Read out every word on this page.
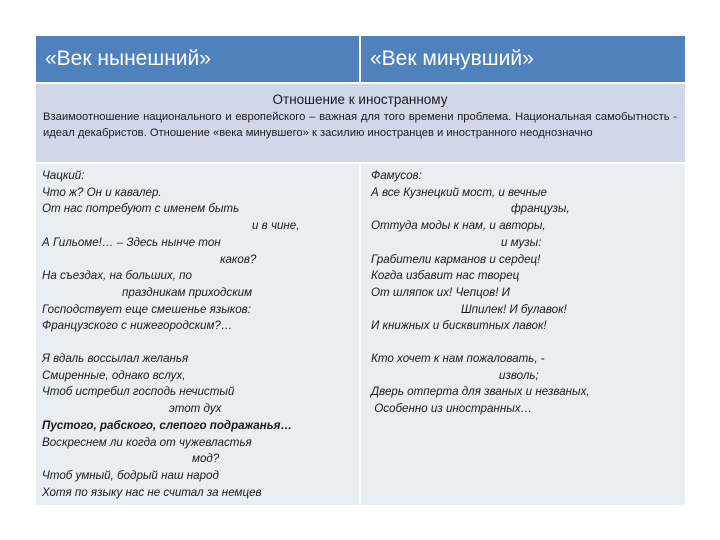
«Век нынешний»	«Век минувший»
Отношение к иностранному
Взаимоотношение национального и европейского – важная для того времени проблема. Национальная самобытность - идеал декабристов. Отношение «века минувшего» к засилию иностранцев и иностранного неоднозначно
Чацкий:
Что ж? Он и кавалер.
От нас потребуют с именем быть
и в чине,
А Гильоме!… – Здесь нынче тон
каков?
На съездах, на больших, по
праздникам приходским
Господствует еще смешенье языков:
Французского с нижегородским?…
Я вдаль воссылал желанья
Смиренные, однако вслух,
Чтоб истребил господь нечистый
этот дух
Пустого, рабского, слепого подражанья…
Воскреснем ли когда от чужевластья
мод?
Чтоб умный, бодрый наш народ
Хотя по языку нас не считал за немцев
Фамусов:
А все Кузнецкий мост, и вечные
французы,
Оттуда моды к нам, и авторы,
и музы:
Грабители карманов и сердец!
Когда избавит нас творец
От шляпок их! Чепцов! И
Шпилек! И булавок!
И книжных и бисквитных лавок!
Кто хочет к нам пожаловать, -
изволь;
Дверь отперта для званых и незваных,
Особенно из иностранных…
